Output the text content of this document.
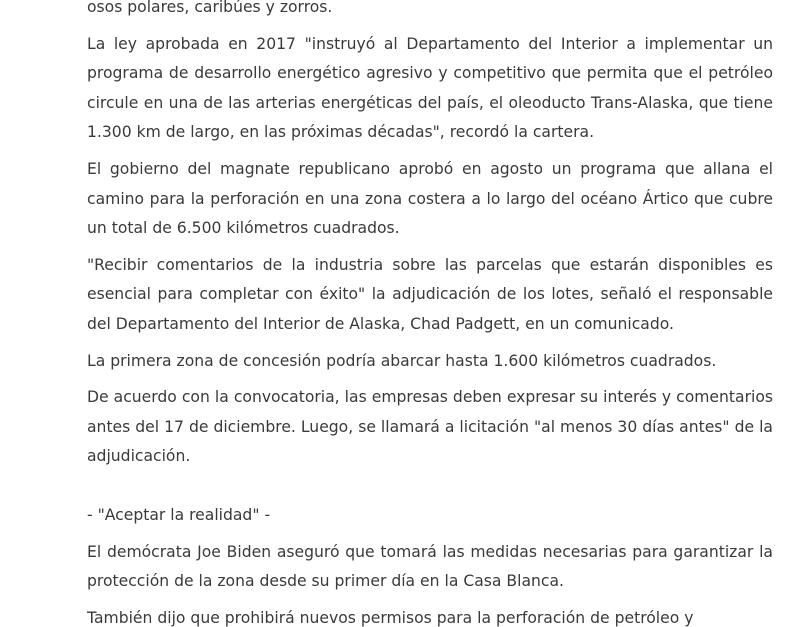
osos polares, caribúes y zorros.

La ley aprobada en 2017 "instruyó al Departamento del Interior a implementar un programa de desarrollo energético agresivo y competitivo que permita que el petróleo circule en una de las arterias energéticas del país, el oleoducto Trans-Alaska, que tiene 1.300 km de largo, en las próximas décadas", recordó la cartera.

El gobierno del magnate republicano aprobó en agosto un programa que allana el camino para la perforación en una zona costera a lo largo del océano Ártico que cubre un total de 6.500 kilómetros cuadrados.

"Recibir comentarios de la industria sobre las parcelas que estarán disponibles es esencial para completar con éxito" la adjudicación de los lotes, señaló el responsable del Departamento del Interior de Alaska, Chad Padgett, en un comunicado.

La primera zona de concesión podría abarcar hasta 1.600 kilómetros cuadrados.

De acuerdo con la convocatoria, las empresas deben expresar su interés y comentarios antes del 17 de diciembre. Luego, se llamará a licitación "al menos 30 días antes" de la adjudicación.

- "Aceptar la realidad" -

El demócrata Joe Biden aseguró que tomará las medidas necesarias para garantizar la protección de la zona desde su primer día en la Casa Blanca.

También dijo que prohibirá nuevos permisos para la perforación de petróleo y
